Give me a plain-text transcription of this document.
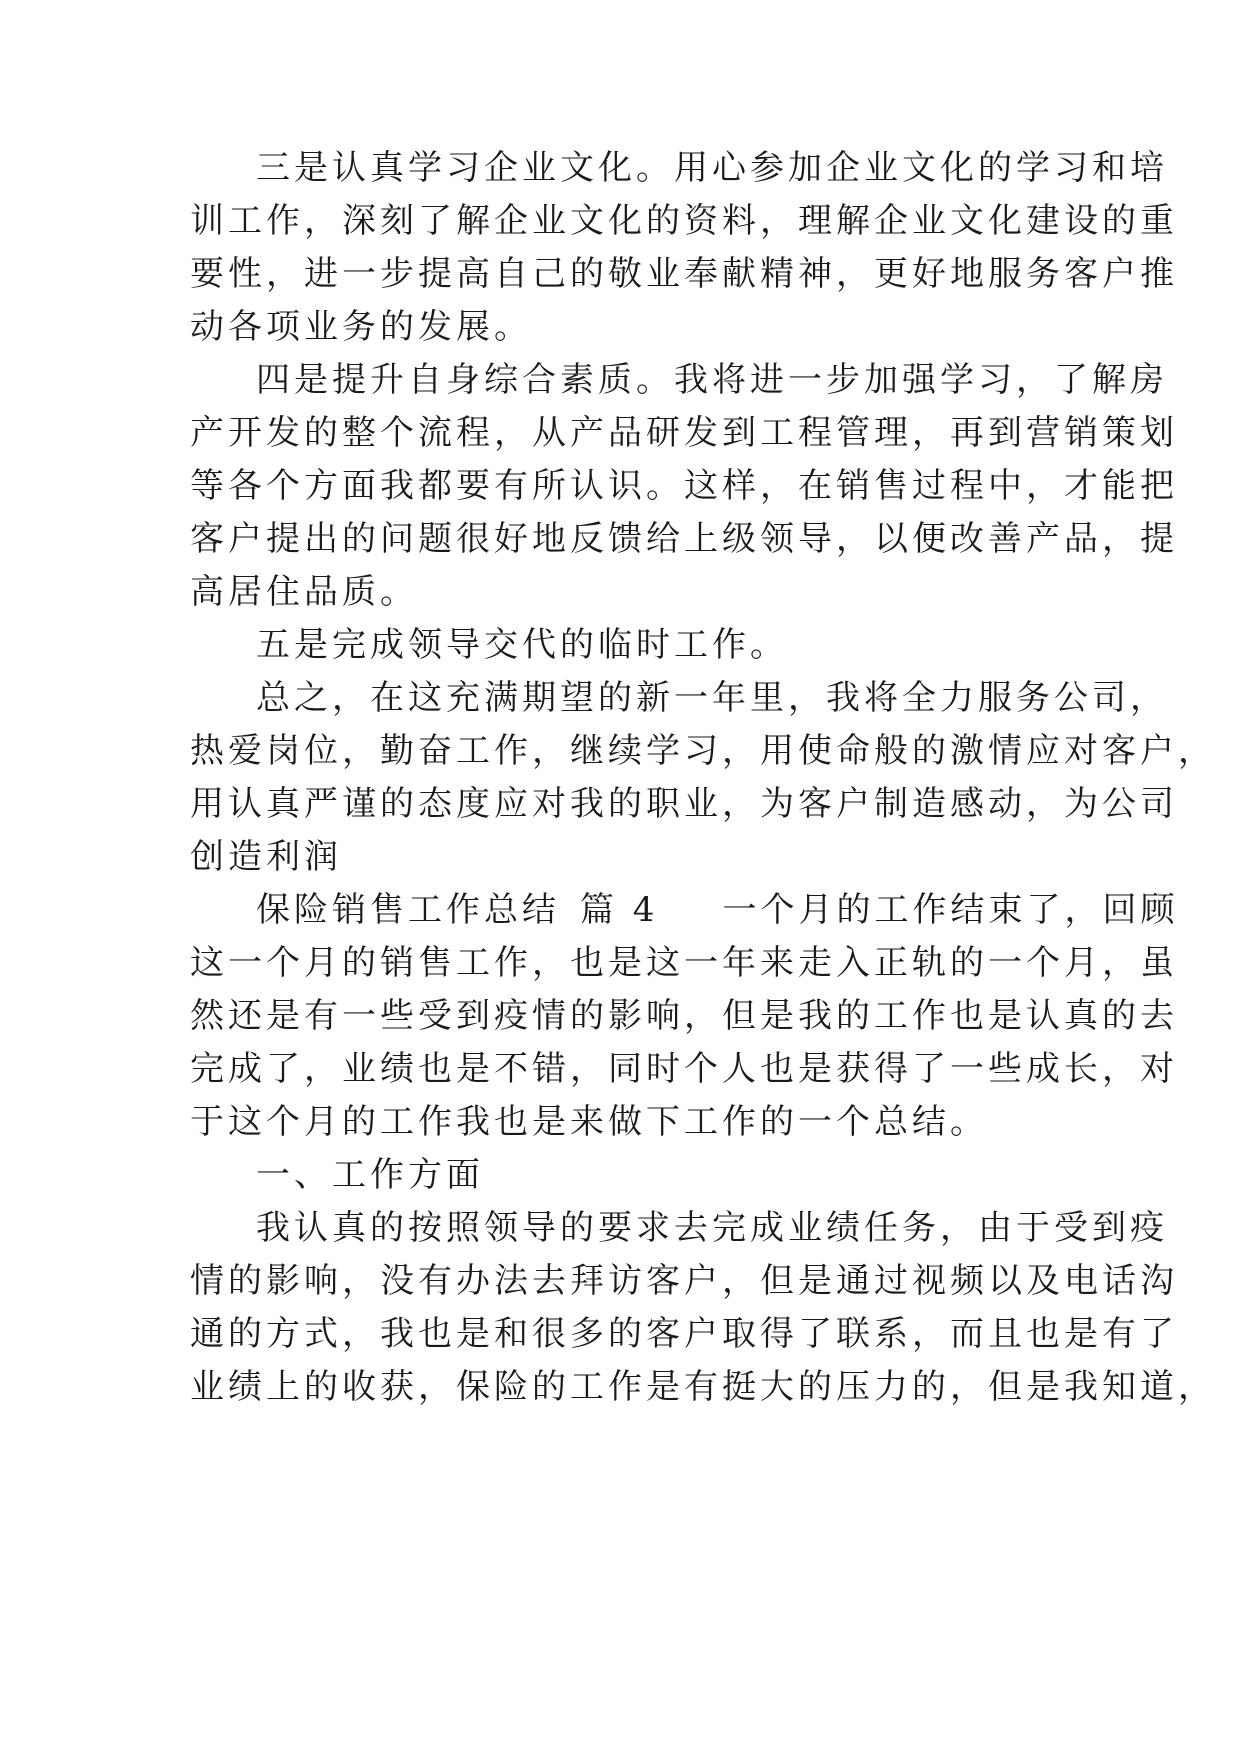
三是认真学习企业文化。用心参加企业文化的学习和培
训工作，深刻了解企业文化的资料，理解企业文化建设的重
要性，进一步提高自己的敬业奉献精神，更好地服务客户推
动各项业务的发展。
四是提升自身综合素质。我将进一步加强学习，了解房
产开发的整个流程，从产品研发到工程管理，再到营销策划
等各个方面我都要有所认识。这样，在销售过程中，才能把
客户提出的问题很好地反馈给上级领导，以便改善产品，提
高居住品质。
五是完成领导交代的临时工作。
总之，在这充满期望的新一年里，我将全力服务公司，
热爱岗位，勤奋工作，继续学习，用使命般的激情应对客户，
用认真严谨的态度应对我的职业，为客户制造感动，为公司
创造利润
保险销售工作总结 篇 4 一个月的工作结束了，回顾
这一个月的销售工作，也是这一年来走入正轨的一个月，虽
然还是有一些受到疫情的影响，但是我的工作也是认真的去
完成了，业绩也是不错，同时个人也是获得了一些成长，对
于这个月的工作我也是来做下工作的一个总结。
一、工作方面
我认真的按照领导的要求去完成业绩任务，由于受到疫
情的影响，没有办法去拜访客户，但是通过视频以及电话沟
通的方式，我也是和很多的客户取得了联系，而且也是有了
业绩上的收获，保险的工作是有挺大的压力的，但是我知道，
